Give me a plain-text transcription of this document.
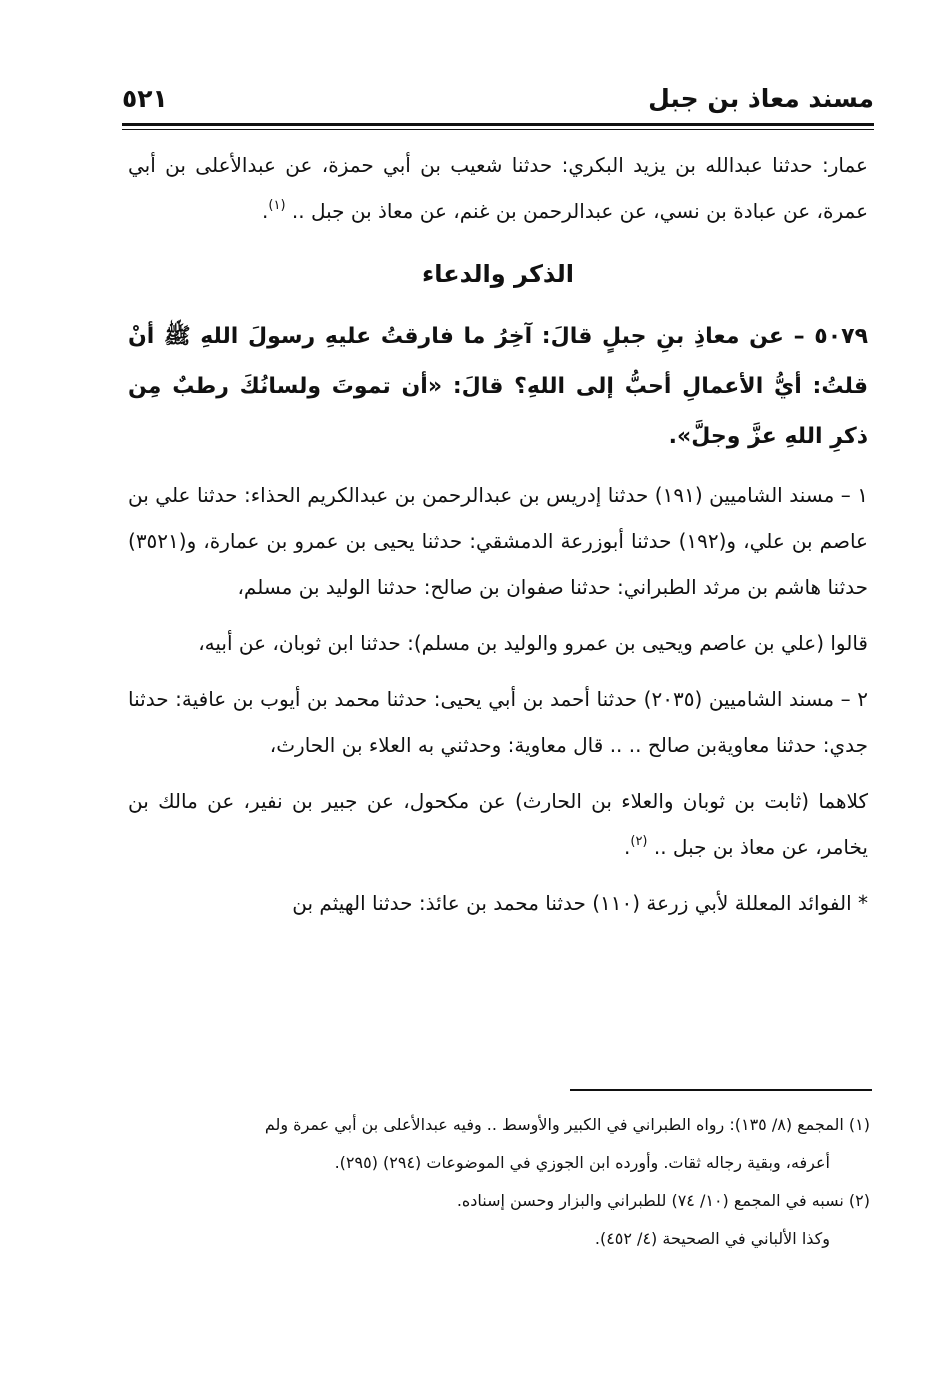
مسند معاذ بن جبل
٥٢١

عمار: حدثنا عبدالله بن يزيد البكري: حدثنا شعيب بن أبي حمزة، عن عبدالأعلى بن أبي عمرة، عن عبادة بن نسي، عن عبدالرحمن بن غنم، عن معاذ بن جبل .. $^{(١)}$.

الذكر والدعاء

٥٠٧٩ – عن معاذِ بنِ جبلٍ قالَ: آخِرُ ما فارقتُ عليهِ رسولَ اللهِ ﷺ أنْ قلتُ: أيُّ الأعمالِ أحبُّ إلى اللهِ؟ قالَ: «أن تموتَ ولسانُكَ رطبٌ مِن ذكرِ اللهِ عزَّ وجلَّ».

١ – مسند الشاميين (١٩١) حدثنا إدريس بن عبدالرحمن بن عبدالكريم الحذاء: حدثنا علي بن عاصم بن علي، و(١٩٢) حدثنا أبوزرعة الدمشقي: حدثنا يحيى بن عمرو بن عمارة، و(٣٥٢١) حدثنا هاشم بن مرثد الطبراني: حدثنا صفوان بن صالح: حدثنا الوليد بن مسلم،

قالوا (علي بن عاصم ويحيى بن عمرو والوليد بن مسلم): حدثنا ابن ثوبان، عن أبيه،

٢ – مسند الشاميين (٢٠٣٥) حدثنا أحمد بن أبي يحيى: حدثنا محمد بن أيوب بن عافية: حدثنا جدي: حدثنا معاويةبن صالح .. .. قال معاوية: وحدثني به العلاء بن الحارث،

كلاهما (ثابت بن ثوبان والعلاء بن الحارث) عن مكحول، عن جبير بن نفير، عن مالك بن يخامر، عن معاذ بن جبل .. $^{(٢)}$.

* الفوائد المعللة لأبي زرعة (١١٠) حدثنا محمد بن عائذ: حدثنا الهيثم بن

(١) المجمع (٨/ ١٣٥): رواه الطبراني في الكبير والأوسط .. وفيه عبدالأعلى بن أبي عمرة ولم

أعرفه، وبقية رجاله ثقات. وأورده ابن الجوزي في الموضوعات (٢٩٤) (٢٩٥).

(٢) نسبه في المجمع (١٠/ ٧٤) للطبراني والبزار وحسن إسناده.

وكذا الألباني في الصحيحة (٤/ ٤٥٢).
